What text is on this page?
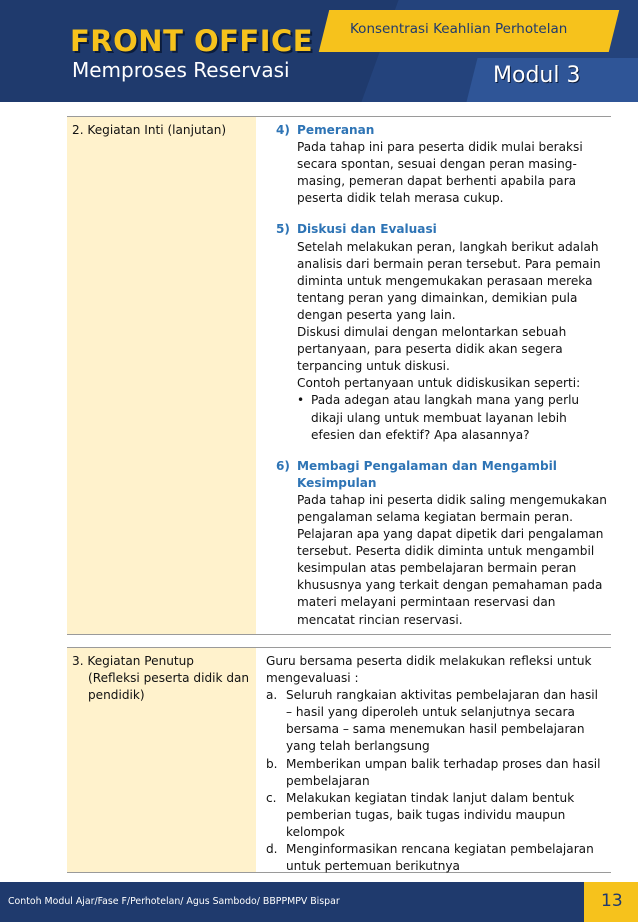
FRONT OFFICE
Memproses Reservasi
Konsentrasi Keahlian Perhotelan
Modul 3
2. Kegiatan Inti (lanjutan)	4) Pemeranan
Pada tahap ini para peserta didik mulai beraksi secara spontan, sesuai dengan peran masing-masing, pemeran dapat berhenti apabila para peserta didik telah merasa cukup.
5) Diskusi dan Evaluasi
Setelah melakukan peran, langkah berikut adalah analisis dari bermain peran tersebut. Para pemain diminta untuk mengemukakan perasaan mereka tentang peran yang dimainkan, demikian pula dengan peserta yang lain.
Diskusi dimulai dengan melontarkan sebuah pertanyaan, para peserta didik akan segera terpancing untuk diskusi.
Contoh pertanyaan untuk didiskusikan seperti:
• Pada adegan atau langkah mana yang perlu dikaji ulang untuk membuat layanan lebih efesien dan efektif? Apa alasannya?
6) Membagi Pengalaman dan Mengambil Kesimpulan
Pada tahap ini peserta didik saling mengemukakan pengalaman selama kegiatan bermain peran. Pelajaran apa yang dapat dipetik dari pengalaman tersebut. Peserta didik diminta untuk mengambil kesimpulan atas pembelajaran bermain peran khususnya yang terkait dengan pemahaman pada materi melayani permintaan reservasi dan mencatat rincian reservasi.
3. Kegiatan Penutup
(Refleksi peserta didik dan pendidik)
Guru bersama peserta didik melakukan refleksi untuk mengevaluasi :
a. Seluruh rangkaian aktivitas pembelajaran dan hasil – hasil yang diperoleh untuk selanjutnya secara bersama – sama menemukan hasil pembelajaran yang telah berlangsung
b. Memberikan umpan balik terhadap proses dan hasil pembelajaran
c. Melakukan kegiatan tindak lanjut dalam bentuk pemberian tugas, baik tugas individu maupun kelompok
d. Menginformasikan rencana kegiatan pembelajaran untuk pertemuan berikutnya
Contoh Modul Ajar/Fase F/Perhotelan/ Agus Sambodo/ BBPPMPV Bispar	13
